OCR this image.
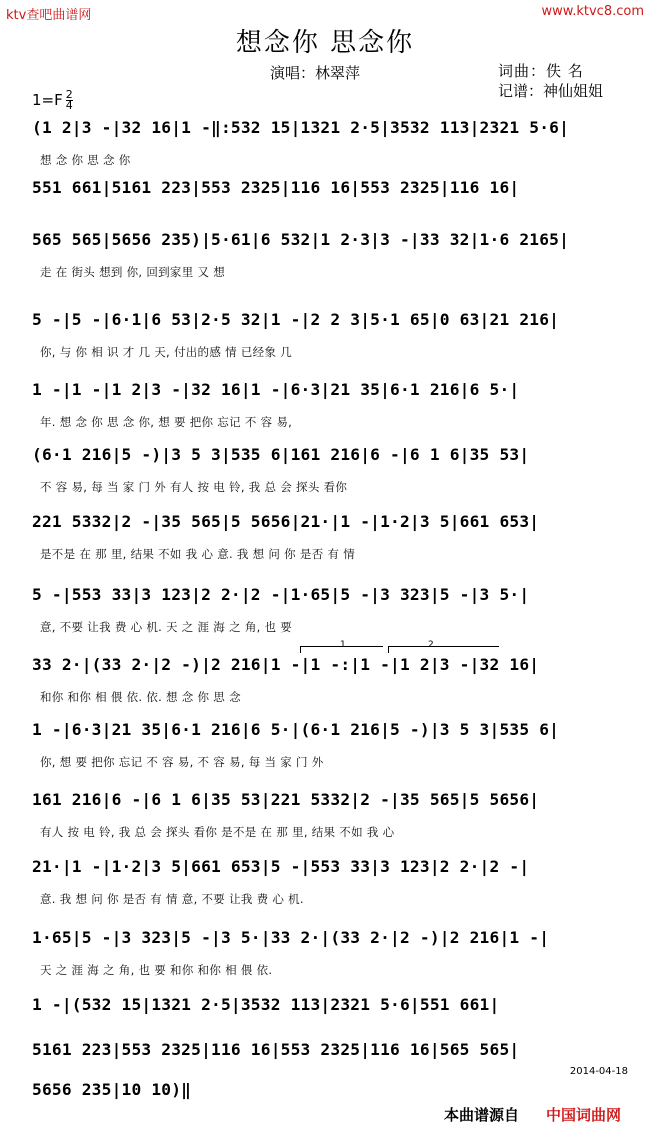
ktv查吧曲谱网	www.ktvc8.com
想念你 思念你
演唱：林翠萍	词曲：佚 名
记谱：神仙姐姐
$1=F \frac{2}{4}$
(1 2|3 -|32 16|1 -‖:532 15|1321 2·5|3532 113|2321 5·6|
想 念 你 思 念 你
551 661|5161 223|553 2325|116 16|553 2325|116 16|
565 565|5656 235)|5·61|6 532|1 2·3|3 -|33 32|1·6 2165|
走 在 街头 想到 你, 回到家里 又 想
5 -|5 -|6·1|6 53|2·5 32|1 -|2 2 3|5·1 65|0 63|21 216|
你, 与 你 相 识 才 几 天, 付出的感 情 已经象 几
1 -|1 -|1 2|3 -|32 16|1 -|6·3|21 35|6·1 216|6 5·|
年. 想 念 你 思 念 你, 想 要 把你 忘记 不 容 易,
(6·1 216|5 -)|3 5 3|535 6|161 216|6 -|6 1 6|35 53|
不 容 易, 每 当 家 门 外 有人 按 电 铃, 我 总 会 探头 看你
221 5332|2 -|35 565|5 5656|21·|1 -|1·2|3 5|661 653|
是不是 在 那 里, 结果 不如 我 心 意. 我 想 问 你 是否 有 情
5 -|553 33|3 123|2 2·|2 -|1·65|5 -|3 323|5 -|3 5·|
意, 不要 让我 费 心 机. 天 之 涯 海 之 角, 也 要
33 2·|(33 2·|2 -)|2 216|1 -|1 -:|1 -|1 2|3 -|32 16|
和你 和你 相 偎 依. 依. 想 念 你 思 念
1 -|6·3|21 35|6·1 216|6 5·|(6·1 216|5 -)|3 5 3|535 6|
你, 想 要 把你 忘记 不 容 易, 不 容 易, 每 当 家 门 外
161 216|6 -|6 1 6|35 53|221 5332|2 -|35 565|5 5656|
有人 按 电 铃, 我 总 会 探头 看你 是不是 在 那 里, 结果 不如 我 心
21·|1 -|1·2|3 5|661 653|5 -|553 33|3 123|2 2·|2 -|
意. 我 想 问 你 是否 有 情 意, 不要 让我 费 心 机.
1·65|5 -|3 323|5 -|3 5·|33 2·|(33 2·|2 -)|2 216|1 -|
天 之 涯 海 之 角, 也 要 和你 和你 相 偎 依.
1 -|(532 15|1321 2·5|3532 113|2321 5·6|551 661|
5161 223|553 2325|116 16|553 2325|116 16|565 565|
5656 235|10 10)‖
1	2
2014-04-18
本曲谱源自 中国词曲网
